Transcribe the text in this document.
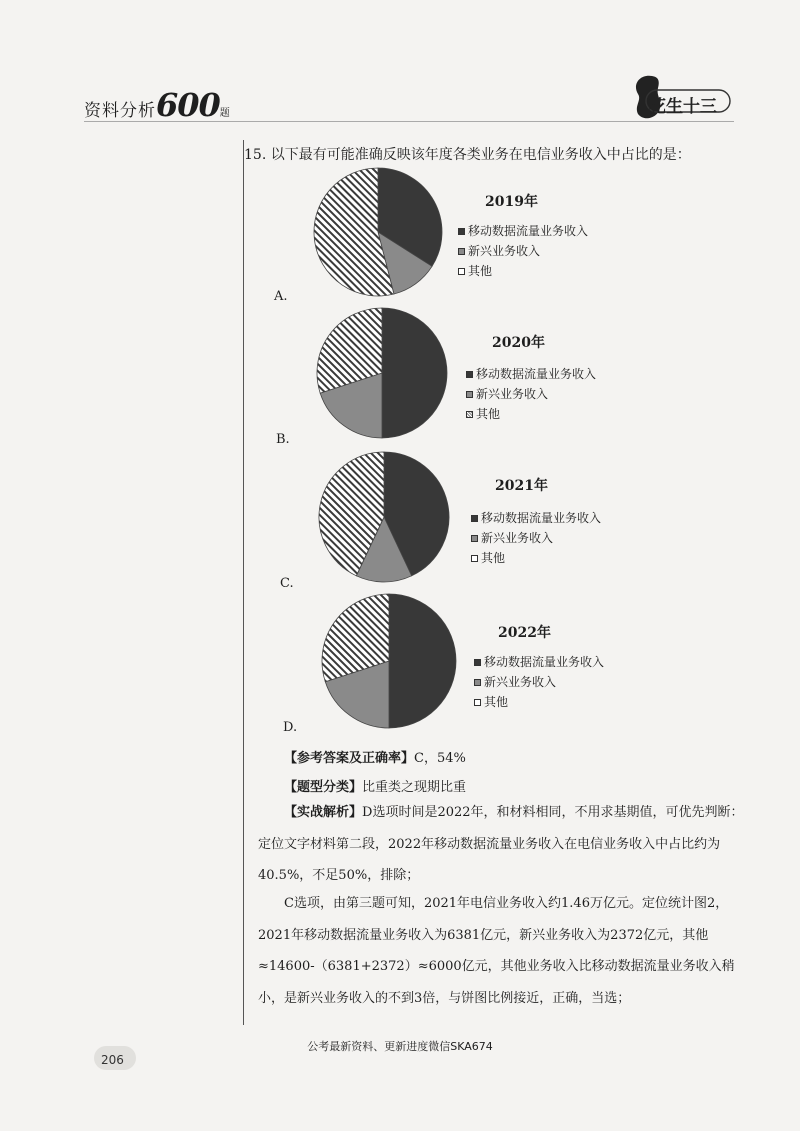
资料分析600题	花生十三
15. 以下最有可能准确反映该年度各类业务在电信业务收入中占比的是：
A.
2019年
移动数据流量业务收入
新兴业务收入
其他
B.
2020年
移动数据流量业务收入
新兴业务收入
其他
C.
2021年
移动数据流量业务收入
新兴业务收入
其他
D.
2022年
移动数据流量业务收入
新兴业务收入
其他
【参考答案及正确率】C，54%
【题型分类】比重类之现期比重
【实战解析】D选项时间是2022年，和材料相同，不用求基期值，可优先判断：定位文字材料第二段，2022年移动数据流量业务收入在电信业务收入中占比约为40.5%，不足50%，排除；
C选项，由第三题可知，2021年电信业务收入约1.46万亿元。定位统计图2，2021年移动数据流量业务收入为6381亿元，新兴业务收入为2372亿元，其他≈14600-（6381+2372）≈6000亿元，其他业务收入比移动数据流量业务收入稍小，是新兴业务收入的不到3倍，与饼图比例接近，正确，当选；
公考最新资料、更新进度微信SKA674
206
